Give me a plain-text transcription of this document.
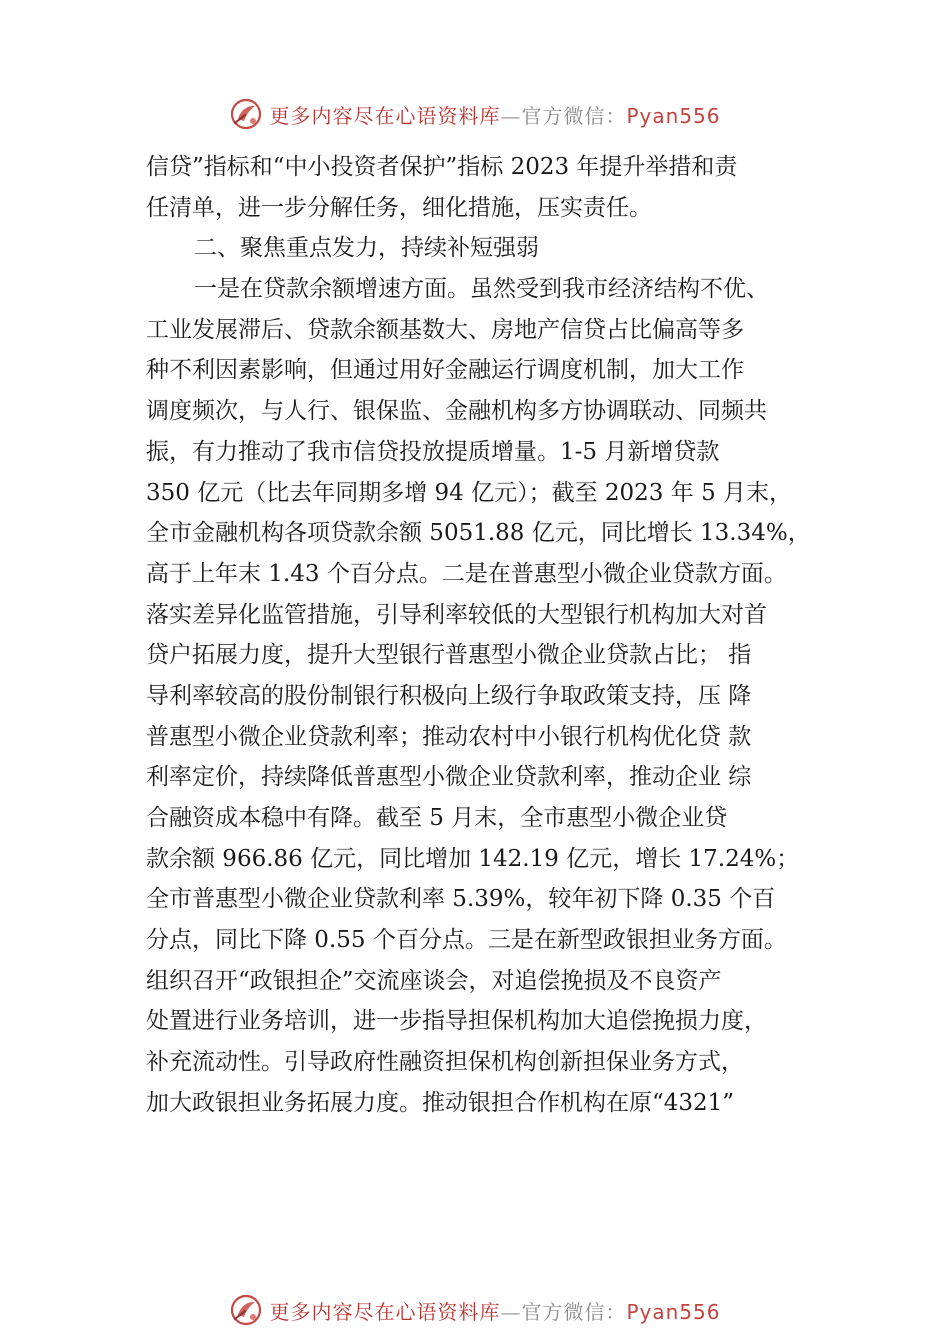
更多内容尽在心语资料库—官方微信：Pyan556
信贷”指标和“中小投资者保护”指标 2023 年提升举措和责
任清单，进一步分解任务，细化措施，压实责任。
二、聚焦重点发力，持续补短强弱
一是在贷款余额增速方面。虽然受到我市经济结构不优、
工业发展滞后、贷款余额基数大、房地产信贷占比偏高等多
种不利因素影响，但通过用好金融运行调度机制，加大工作
调度频次，与人行、银保监、金融机构多方协调联动、同频共
振，有力推动了我市信贷投放提质增量。1-5 月新增贷款
350 亿元（比去年同期多增 94 亿元）；截至 2023 年 5 月末，
全市金融机构各项贷款余额 5051.88 亿元，同比增长 13.34%，
高于上年末 1.43 个百分点。二是在普惠型小微企业贷款方面。
落实差异化监管措施，引导利率较低的大型银行机构加大对首
贷户拓展力度，提升大型银行普惠型小微企业贷款占比； 指
导利率较高的股份制银行积极向上级行争取政策支持，压 降
普惠型小微企业贷款利率；推动农村中小银行机构优化贷 款
利率定价，持续降低普惠型小微企业贷款利率，推动企业 综
合融资成本稳中有降。截至 5 月末，全市惠型小微企业贷
款余额 966.86 亿元，同比增加 142.19 亿元，增长 17.24%；
全市普惠型小微企业贷款利率 5.39%，较年初下降 0.35 个百
分点，同比下降 0.55 个百分点。三是在新型政银担业务方面。
组织召开“政银担企”交流座谈会，对追偿挽损及不良资产
处置进行业务培训，进一步指导担保机构加大追偿挽损力度，
补充流动性。引导政府性融资担保机构创新担保业务方式，
加大政银担业务拓展力度。推动银担合作机构在原“4321”
更多内容尽在心语资料库—官方微信：Pyan556
